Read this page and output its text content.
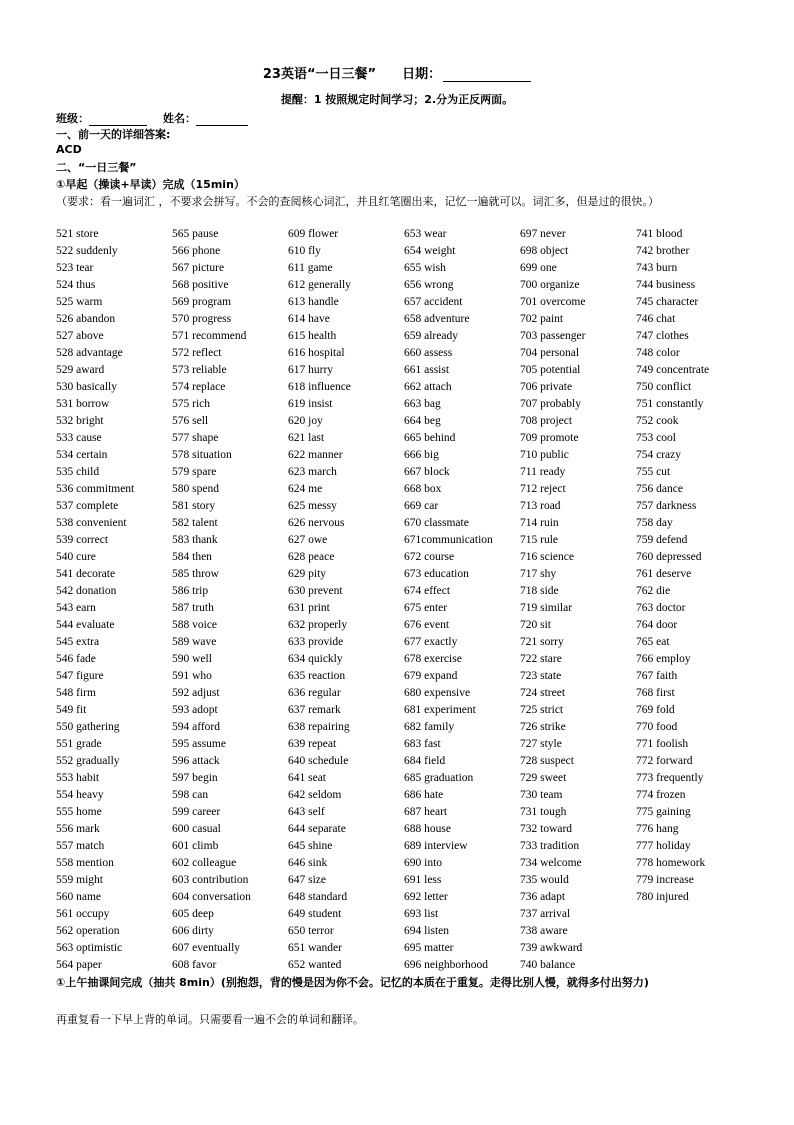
23英语“一日三餐” 日期：
提醒：1 按照规定时间学习；2.分为正反两面。
班级：	姓名：
一、前一天的详细答案:
ACD
二、“一日三餐”
①早起（操读+早读）完成（15min）
（要求：看一遍词汇 ，不要求会拼写。不会的查阅核心词汇，并且红笔圈出来，记忆一遍就可以。词汇多，但是过的很快。）
521 store
522 suddenly
523 tear
524 thus
525 warm
526 abandon
527 above
528 advantage
529 award
530 basically
531 borrow
532 bright
533 cause
534 certain
535 child
536 commitment
537 complete
538 convenient
539 correct
540 cure
541 decorate
542 donation
543 earn
544 evaluate
545 extra
546 fade
547 figure
548 firm
549 fit
550 gathering
551 grade
552 gradually
553 habit
554 heavy
555 home
556 mark
557 match
558 mention
559 might
560 name
561 occupy
562 operation
563 optimistic
564 paper
565 pause
566 phone
567 picture
568 positive
569 program
570 progress
571 recommend
572 reflect
573 reliable
574 replace
575 rich
576 sell
577 shape
578 situation
579 spare
580 spend
581 story
582 talent
583 thank
584 then
585 throw
586 trip
587 truth
588 voice
589 wave
590 well
591 who
592 adjust
593 adopt
594 afford
595 assume
596 attack
597 begin
598 can
599 career
600 casual
601 climb
602 colleague
603 contribution
604 conversation
605 deep
606 dirty
607 eventually
608 favor
609 flower
610 fly
611 game
612 generally
613 handle
614 have
615 health
616 hospital
617 hurry
618 influence
619 insist
620 joy
621 last
622 manner
623 march
624 me
625 messy
626 nervous
627 owe
628 peace
629 pity
630 prevent
631 print
632 properly
633 provide
634 quickly
635 reaction
636 regular
637 remark
638 repairing
639 repeat
640 schedule
641 seat
642 seldom
643 self
644 separate
645 shine
646 sink
647 size
648 standard
649 student
650 terror
651 wander
652 wanted
653 wear
654 weight
655 wish
656 wrong
657 accident
658 adventure
659 already
660 assess
661 assist
662 attach
663 bag
664 beg
665 behind
666 big
667 block
668 box
669 car
670 classmate
671communication
672 course
673 education
674 effect
675 enter
676 event
677 exactly
678 exercise
679 expand
680 expensive
681 experiment
682 family
683 fast
684 field
685 graduation
686 hate
687 heart
688 house
689 interview
690 into
691 less
692 letter
693 list
694 listen
695 matter
696 neighborhood
697 never
698 object
699 one
700 organize
701 overcome
702 paint
703 passenger
704 personal
705 potential
706 private
707 probably
708 project
709 promote
710 public
711 ready
712 reject
713 road
714 ruin
715 rule
716 science
717 shy
718 side
719 similar
720 sit
721 sorry
722 stare
723 state
724 street
725 strict
726 strike
727 style
728 suspect
729 sweet
730 team
731 tough
732 toward
733 tradition
734 welcome
735 would
736 adapt
737 arrival
738 aware
739 awkward
740 balance
741 blood
742 brother
743 burn
744 business
745 character
746 chat
747 clothes
748 color
749 concentrate
750 conflict
751 constantly
752 cook
753 cool
754 crazy
755 cut
756 dance
757 darkness
758 day
759 defend
760 depressed
761 deserve
762 die
763 doctor
764 door
765 eat
766 employ
767 faith
768 first
769 fold
770 food
771 foolish
772 forward
773 frequently
774 frozen
775 gaining
776 hang
777 holiday
778 homework
779 increase
780 injured
①上午抽课间完成（抽共 8min）(别抱怨，背的慢是因为你不会。记忆的本质在于重复。走得比别人慢，就得多付出努力)
再重复看一下早上背的单词。只需要看一遍不会的单词和翻译。
